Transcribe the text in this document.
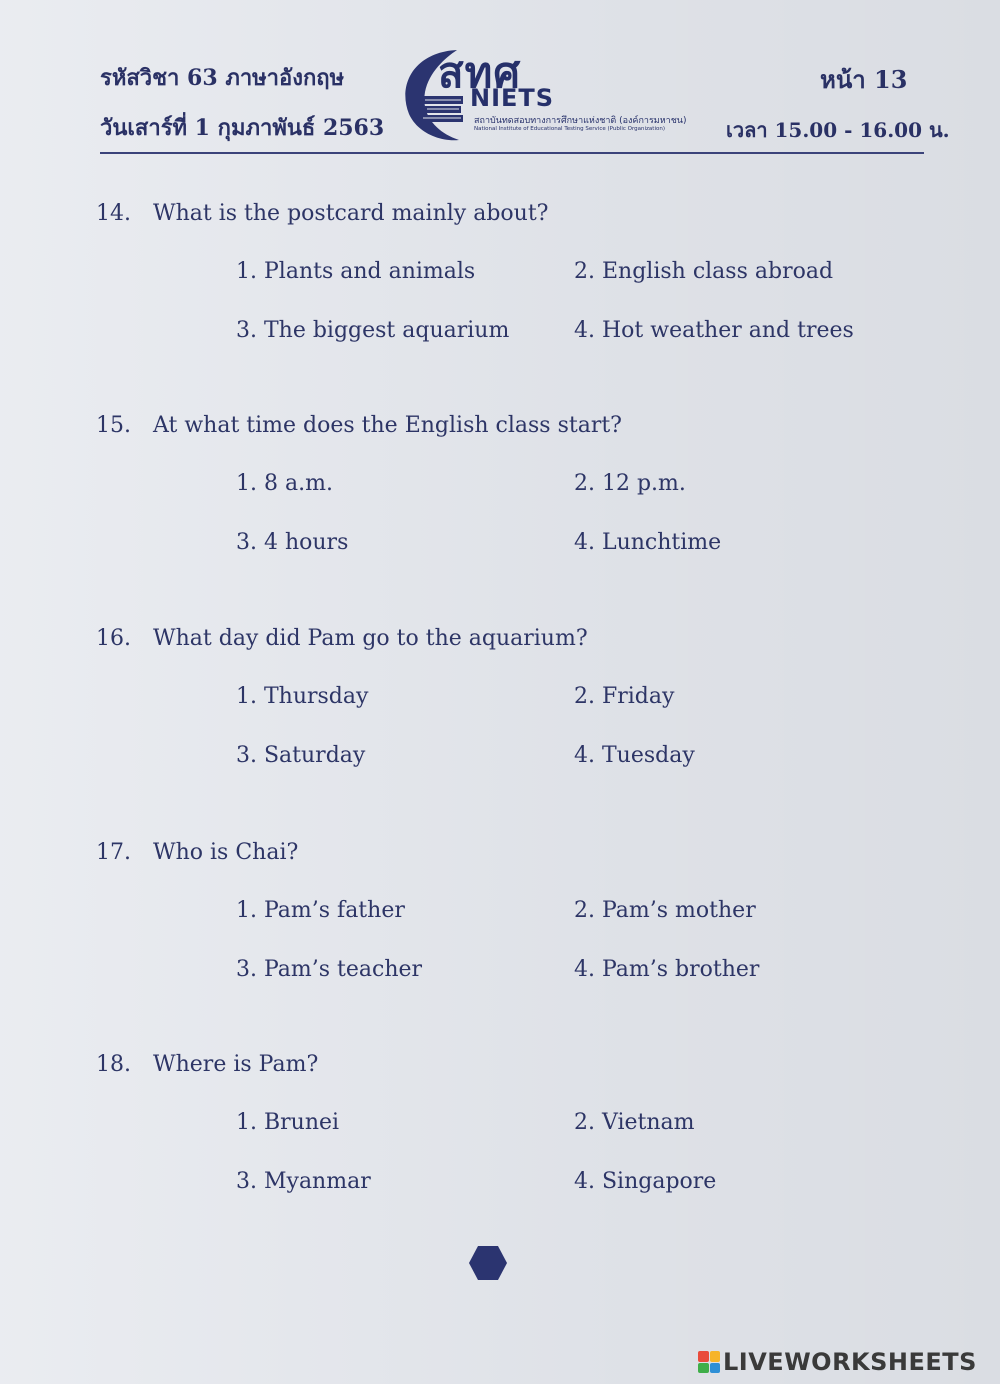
รหัสวิชา 63 ภาษาอังกฤษ
วันเสาร์ที่ 1 กุมภาพันธ์ 2563
หน้า 13
เวลา 15.00 - 16.00 น.
สทศ
NIETS
สถาบันทดสอบทางการศึกษาแห่งชาติ (องค์การมหาชน)
National Institute of Educational Testing Service (Public Organization)
14. What is the postcard mainly about?
1. Plants and animals	2. English class abroad
3. The biggest aquarium	4. Hot weather and trees
15. At what time does the English class start?
1. 8 a.m.	2. 12 p.m.
3. 4 hours	4. Lunchtime
16. What day did Pam go to the aquarium?
1. Thursday	2. Friday
3. Saturday	4. Tuesday
17. Who is Chai?
1. Pam’s father	2. Pam’s mother
3. Pam’s teacher	4. Pam’s brother
18. Where is Pam?
1. Brunei	2. Vietnam
3. Myanmar	4. Singapore
LIVEWORKSHEETS
